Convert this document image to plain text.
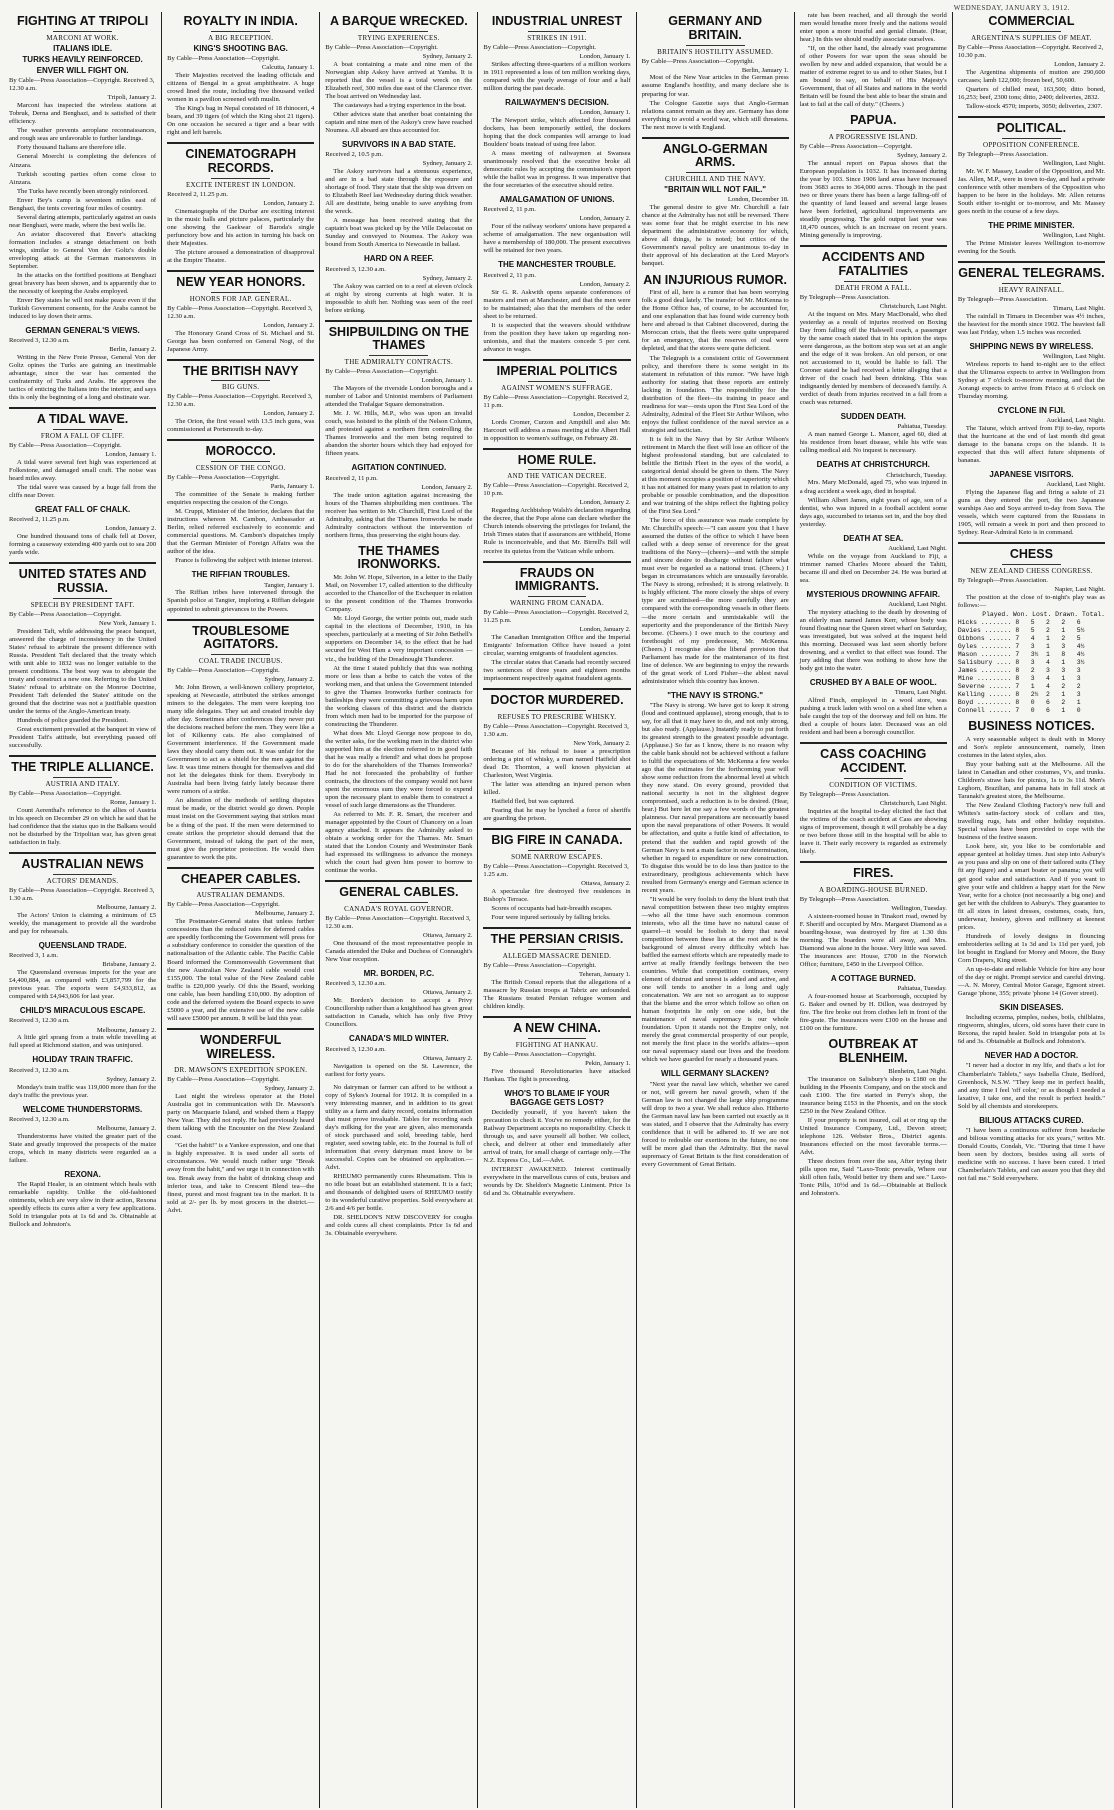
WEDNESDAY, JANUARY 3, 1912.
FIGHTING AT TRIPOLI
MARCONI AT WORK.
ITALIANS IDLE.
TURKS HEAVILY REINFORCED.
ENVER WILL FIGHT ON.
By Cable—Press Association—Copyright. Received 3, 12.30 a.m.
Tripoli, January 2.

Marconi has inspected the wireless stations at Tobruk, Derna and Benghazi, and is satisfied of their efficiency.

The weather prevents aeroplane reconnaissances, and rough seas are unfavorable to further landings.

Forty thousand Italians are therefore idle.

General Moerchi is completing the defences of Ainzara.

Turkish scouting parties often come close to Ainzara.

The Turks have recently been strongly reinforced.

Enver Bey's camp is seventeen miles east of Benghazi, the tents covering four miles of country.

Several daring attempts, particularly against an oasis near Benghazi, were made, where the best wells lie.

An aviator discovered that Enver's attacking formation includes a strange detachment on both wings, similar to General Von der Goltz's double enveloping attack at the German manoeuvres in September.

In the attacks on the fortified positions at Benghazi great bravery has been shown, and is apparently due to the necessity of keeping the Arabs employed.

Enver Bey states he will not make peace even if the Turkish Government consents, for the Arabs cannot be induced to lay down their arms.

GERMAN GENERAL'S VIEWS.
Received 3, 12.30 a.m.
Berlin, January 2.

Writing in the New Freie Presse, General Von der Goltz opines the Turks are gaining an inestimable advantage, since the war has cemented the confraternity of Turks and Arabs. He approves the tactics of enticing the Italians into the interior, and says this is only the beginning of a long and obstinate war.

A TIDAL WAVE.
FROM A FALL OF CLIFF.
By Cable—Press Association—Copyright.
London, January 1.

A tidal wave several feet high was experienced at Folkestone, and damaged small craft. The noise was heard miles away.

The tidal wave was caused by a huge fall from the cliffs near Dover.

GREAT FALL OF CHALK.
Received 2, 11.25 p.m.
London, January 2.

One hundred thousand tons of chalk fell at Dover, forming a causeway extending 400 yards out to sea 200 yards wide.

UNITED STATES AND RUSSIA.
SPEECH BY PRESIDENT TAFT.
By Cable—Press Association—Copyright.
New York, January 1.

President Taft, while addressing the peace banquet, answered the charge of inconsistency in the United States' refusal to arbitrate the present difference with Russia. President Taft declared that the treaty which with unit able to 1832 was no longer suitable to the present conditions. The best way was to abrogate the treaty and construct a new one. Referring to the United States' refusal to arbitrate on the Monroe Doctrine, President Taft defended the States' attitude on the ground that the doctrine was not a justifiable question under the terms of the Anglo-American treaty.

Hundreds of police guarded the President.

Great excitement prevailed at the banquet in view of President Taft's attitude, but everything passed off successfully.

THE TRIPLE ALLIANCE.
AUSTRIA AND ITALY.
By Cable—Press Association—Copyright.
Rome, January 1.

Count Aerenthal's reference to the allies of Austria in his speech on December 29 on which he said that he had confidence that the status quo in the Balkans would not be disturbed by the Tripolitan war, has given great satisfaction in Italy.

AUSTRALIAN NEWS
ACTORS' DEMANDS.
By Cable—Press Association—Copyright. Received 3, 1.30 a.m.
Melbourne, January 2.

The Actors' Union is claiming a minimum of £5 weekly, the management to provide all the wardrobe and pay for rehearsals.

QUEENSLAND TRADE.
Received 3, 1 a.m.
Brisbane, January 2.

The Queensland overseas imports for the year are £4,400,884, as compared with £3,857,799 for the previous year. The exports were £4,933,812, as compared with £4,943,606 for last year.

CHILD'S MIRACULOUS ESCAPE.
Received 3, 12.30 a.m.
Melbourne, January 2.

A little girl sprang from a train while travelling at full speed at Richmond station, and was uninjured.

HOLIDAY TRAIN TRAFFIC.
Received 3, 12.30 a.m.
Sydney, January 2.

Monday's train traffic was 119,000 more than for the day's traffic the previous year.

WELCOME THUNDERSTORMS.
Received 3, 12.30 a.m.
Melbourne, January 2.

Thunderstorms have visited the greater part of the State and greatly improved the prospects of the maize crops, which in many districts were regarded as a failure.

REXONA.

The Rapid Healer, is an ointment which heals with remarkable rapidity. Unlike the old-fashioned ointments, which are very slow in their action, Rexona speedily effects its cures after a very few applications. Sold in triangular pots at 1s 6d and 3s. Obtainable at Bullock and Johnston's.

ROYALTY IN INDIA.
A BIG RECEPTION.
KING'S SHOOTING BAG.
By Cable—Press Association—Copyright.
Calcutta, January 1.

Their Majesties received the leading officials and citizens of Bengal in a great amphitheatre. A huge crowd lined the route, including five thousand veiled women in a pavilion screened with muslin.

The King's bag in Nepal consisted of 18 rhinoceri, 4 bears, and 39 tigers (of which the King shot 21 tigers). On one occasion he secured a tiger and a bear with right and left barrels.

CINEMATOGRAPH RECORDS.
EXCITE INTEREST IN LONDON.
Received 2, 11.25 p.m.
London, January 2.

Cinematographs of the Durbar are exciting interest in the music halls and picture palaces, particularly the one showing the Gaekwar of Baroda's single perfunctory bow and his action in turning his back on their Majesties.

The picture aroused a demonstration of disapproval at the Empire Theatre.

NEW YEAR HONORS.
HONORS FOR JAP. GENERAL.
By Cable—Press Association—Copyright. Received 3, 12.30 a.m.
London, January 2.

The Honorary Grand Cross of St. Michael and St. George has been conferred on General Nogi, of the Japanese Army.

THE BRITISH NAVY
BIG GUNS.
By Cable—Press Association—Copyright. Received 3, 12.30 a.m.
London, January 2.

The Orion, the first vessel with 13.5 inch guns, was commissioned at Portsmouth to-day.

MOROCCO.
CESSION OF THE CONGO.
By Cable—Press Association—Copyright.
Paris, January 1.

The committee of the Senate is making further enquiries respecting the cession of the Congo.

M. Cruppi, Minister of the Interior, declares that the instructions whereon M. Cambon, Ambassador at Berlin, relied referred exclusively to economic and commercial questions. M. Cambon's dispatches imply that the German Minister of Foreign Affairs was the author of the idea.

France is following the subject with intense interest.

THE RIFFIAN TROUBLES.
Tangier, January 1.

The Riffian tribes have intervened through the Spanish police at Tangier, imploring a Riffian delegate appointed to submit grievances to the Powers.

TROUBLESOME AGITATORS.
COAL TRADE INCUBUS.
By Cable—Press Association—Copyright.
Sydney, January 2.

Mr. John Brown, a well-known colliery proprietor, speaking at Newcastle, attributed the strikes amongst miners to the delegates. The men were keeping too many idle delegates. They sat and created trouble day after day. Sometimes after conferences they never put the decisions reached before the men. They were like a lot of Kilkenny cats. He also complained of Government interference. If the Government made laws they should carry them out. It was unfair for the Government to act as a shield for the men against the law. It was time miners thought for themselves and did not let the delegates think for them. Everybody in Australia had been living fairly lately because there were rumors of a strike.

An alteration of the methods of settling disputes must be made, or the district would go down. People must insist on the Government saying that strikes must be a thing of the past. If the men were determined to create strikes the proprietor should demand that the Government, instead of taking the part of the men, must give the proprietor protection. He would then guarantee to work the pits.

CHEAPER CABLES.
AUSTRALIAN DEMANDS.
By Cable—Press Association—Copyright.
Melbourne, January 2.

The Postmaster-General states that unless further concessions than the reduced rates for deferred cables are speedily forthcoming the Government will press for a subsidiary conference to consider the question of the nationalisation of the Atlantic cable. The Pacific Cable Board informed the Commonwealth Government that the new Australian New Zealand cable would cost £155,000. The total value of the New Zealand cable traffic is £20,000 yearly. Of this the Board, working one cable, has been handling £10,000. By adoption of code and the deferred system the Board expects to save £5000 a year, and the extensive use of the new cable will save £5000 per annum. It will be laid this year.

WONDERFUL WIRELESS.
DR. MAWSON'S EXPEDITION SPOKEN.
By Cable—Press Association—Copyright.
Sydney, January 2.

Last night the wireless operator at the Hotel Australia got in communication with Dr. Mawson's party on Macquarie Island, and wished them a Happy New Year. They did not reply. He had previously heard them talking with the Encounter on the New Zealand coast.

"Get the habit!" is a Yankee expression, and one that is highly expressive. It is used under all sorts of circumstances. We would much rather urge "Break away from the habit," and we urge it in connection with tea. Break away from the habit of drinking cheap and inferior teas, and take to Crescent Blend tea—the finest, purest and most fragrant tea in the market. It is sold at 2/- per lb. by most grocers in the district.—Advt.

A BARQUE WRECKED.
TRYING EXPERIENCES.
By Cable—Press Association—Copyright.
Sydney, January 2.

A boat containing a mate and nine men of the Norwegian ship Askoy have arrived at Yamba. It is reported that the vessel is a total wreck on the Elizabeth reef, 300 miles due east of the Clarence river. The boat arrived on Wednesday last.

The castaways had a trying experience in the boat.

Other advices state that another boat containing the captain and nine men of the Askoy's crew have reached Noumea. All aboard are thus accounted for.

SURVIVORS IN A BAD STATE.
Received 2, 10.5 p.m.
Sydney, January 2.

The Askoy survivors had a strenuous experience, and are in a bad state through the exposure and shortage of food. They state that the ship was driven on to Elizabeth Reef last Wednesday during thick weather. All are destitute, being unable to save anything from the wreck.

A message has been received stating that the captain's boat was picked up by the Ville Delacostat on Sunday and conveyed to Noumea. The Askoy was bound from South America to Newcastle in ballast.

HARD ON A REEF.
Received 3, 12.30 a.m.
Sydney, January 2.

The Askoy was carried on to a reef at eleven o'clock at night by strong currents at high water. It is impossible to shift her. Nothing was seen of the reef before striking.

SHIPBUILDING ON THE THAMES
THE ADMIRALTY CONTRACTS.
By Cable—Press Association—Copyright.
London, January 1.

The Mayors of the riverside London boroughs and a number of Labor and Unionist members of Parliament attended the Trafalgar Square demonstration.

Mr. J. W. Hills, M.P., who was upon an invalid couch, was hoisted to the plinth of the Nelson Column, and protested against a northern firm controlling the Thames Ironworks and the men being required to abandon the shorter hours which they had enjoyed for fifteen years.

AGITATION CONTINUED.
Received 2, 11 p.m.
London, January 2.

The trade union agitation against increasing the hours of the Thames shipbuilding men continues. The receiver has written to Mr. Churchill, First Lord of the Admiralty, asking that the Thames Ironworks be made Admiralty contractors without the intervention of northern firms, thus preserving the eight hours day.

THE THAMES IRONWORKS.

Mr. John W. Hope, Silverton, in a letter to the Daily Mail, on November 17, called attention to the difficulty accorded to the Chancellor of the Exchequer in relation to the present condition of the Thames Ironworks Company.

Mr. Lloyd George, the writer points out, made such capital in the elections of December, 1910, in his speeches, particularly at a meeting of Sir John Bethell's supporters on December 14, to the effect that he had secured for West Ham a very important concession — viz., the building of the Dreadnought Thunderer.

At the time I stated publicly that this was nothing more or less than a bribe to catch the votes of the working men, and that unless the Government intended to give the Thames Ironworks further contracts for battleships they were committing a grievous harm upon the working classes of this district and the districts from which men had to be imported for the purpose of constructing the Thunderer.

What does Mr. Lloyd George now propose to do, the writer asks, for the working men in the district who supported him at the election referred to in good faith that he was really a friend? and what does he propose to do for the shareholders of the Thames Ironworks? Had he not forecasted the probability of further contracts, the directors of the company would not have spent the enormous sum they were forced to expend upon the necessary plant to enable them to construct a vessel of such large dimensions as the Thunderer.

As referred to Mr. F. R. Smart, the receiver and manager appointed by the Court of Chancery on a loan agency attached. It appears the Admiralty asked to obtain a working order for the Thames. Mr. Smart stated that the London County and Westminster Bank had expressed its willingness to advance the moneys which the court had given him power to borrow to continue the works.

GENERAL CABLES.
CANADA'S ROYAL GOVERNOR.
By Cable—Press Association—Copyright. Received 3, 12.30 a.m.
Ottawa, January 2.

One thousand of the most representative people in Canada attended the Duke and Duchess of Connaught's New Year reception.

MR. BORDEN, P.C.
Received 3, 12.30 a.m.
Ottawa, January 2.

Mr. Borden's decision to accept a Privy Councillorship rather than a knighthood has given great satisfaction in Canada, which has only five Privy Councillors.

CANADA'S MILD WINTER.
Received 3, 12.30 a.m.
Ottawa, January 2.

Navigation is opened on the St. Lawrence, the earliest for forty years.

No dairyman or farmer can afford to be without a copy of Sykes's Journal for 1912. It is compiled in a very interesting manner, and in addition to its great utility as a farm and dairy record, contains information that must prove invaluable. Tables for recording each day's milking for the year are given, also memoranda of stock purchased and sold, breeding table, herd register, seed sowing table, etc. In the Journal is full of information that every dairyman must know to be successful. Copies can be obtained on application.—Advt.

RHEUMO permanently cures Rheumatism. This is no idle boast but an established statement. It is a fact; and thousands of delighted users of RHEUMO testify to its wonderful curative properties. Sold everywhere at 2/6 and 4/6 per bottle.

DR. SHELDON'S NEW DISCOVERY for coughs and colds cures all chest complaints. Price 1s 6d and 3s. Obtainable everywhere.

INDUSTRIAL UNREST
STRIKES IN 1911.
By Cable—Press Association—Copyright.
London, January 1.

Strikes affecting three-quarters of a million workers in 1911 represented a loss of ten million working days, compared with the yearly average of four and a half million during the past decade.

RAILWAYMEN'S DECISION.
London, January 1.

The Newport strike, which affected four thousand dockers, has been temporarily settled, the dockers hoping that the dock companies will arrange to load Boulders' boats instead of using free labor.

A mass meeting of railwaymen at Swansea unanimously resolved that the executive broke all democratic rules by accepting the commission's report while the ballot was in progress. It was imperative that the four secretaries of the executive should retire.

AMALGAMATION OF UNIONS.
Received 2, 11 p.m.
London, January 2.

Four of the railway workers' unions have prepared a scheme of amalgamation. The new organisation will have a membership of 180,000. The present executives will be retained for two years.

THE MANCHESTER TROUBLE.
Received 2, 11 p.m.
London, January 2.

Sir G. R. Askwith opens separate conferences of masters and men at Manchester, and that the men were to be maintained; also that the members of the order sheet to be returned.

It is suspected that the weavers should withdraw from the position they have taken up regarding non-unionists, and that the masters concede 5 per cent. advance in wages.

IMPERIAL POLITICS
AGAINST WOMEN'S SUFFRAGE.
By Cable—Press Association—Copyright. Received 2, 11 p.m.
London, December 2.

Lords Cromer, Curzon and Ampthill and also Mr. Harcourt will address a mass meeting at the Albert Hall in opposition to women's suffrage, on February 28.

HOME RULE.
AND THE VATICAN DECREE.
By Cable—Press Association—Copyright. Received 2, 10 p.m.
London, January 2.

Regarding Archbishop Walsh's declaration regarding the decree, that the Pope alone can declare whether the Church intends observing the privileges for Ireland, the Irish Times states that if assurances are withheld, Home Rule is inconceivable, and that Mr. Birrell's Bill will receive its quietus from the Vatican while unborn.

FRAUDS ON IMMIGRANTS.
WARNING FROM CANADA.
By Cable—Press Association—Copyright. Received 2, 11.25 p.m.
London, January 2.

The Canadian Immigration Office and the Imperial Emigrants' Information Office have issued a joint circular, warning emigrants of fraudulent agencies.

The circular states that Canada had recently secured two sentences of three years and eighteen months imprisonment respectively against fraudulent agents.

DOCTOR MURDERED.
REFUSES TO PRESCRIBE WHISKY.
By Cable—Press Association—Copyright. Received 3, 1.30 a.m.
New York, January 2.

Because of his refusal to issue a prescription ordering a pint of whisky, a man named Hatfield shot dead Dr. Thornton, a well known physician at Charleston, West Virginia.

The latter was attending an injured person when killed.

Hatfield fled, but was captured.

Fearing that he may be lynched a force of sheriffs are guarding the prison.

BIG FIRE IN CANADA.
SOME NARROW ESCAPES.
By Cable—Press Association—Copyright. Received 3, 1.25 a.m.
Ottawa, January 2.

A spectacular fire destroyed five residences in Bishop's Terrace.

Scores of occupants had hair-breadth escapes.

Four were injured seriously by falling bricks.

THE PERSIAN CRISIS.
ALLEGED MASSACRE DENIED.
By Cable—Press Association—Copyright.
Teheran, January 1.

The British Consul reports that the allegations of a massacre by Russian troops at Tabriz are unfounded. The Russians treated Persian refugee women and children kindly.

A NEW CHINA.
FIGHTING AT HANKAU.
By Cable—Press Association—Copyright.
Pekin, January 1.

Five thousand Revolutionaries have attacked Hankau. The fight is proceeding.

WHO'S TO BLAME IF YOUR BAGGAGE GETS LOST?

Decidedly yourself, if you haven't taken the precaution to check it. You've no remedy either, for the Railway Department accepts no responsibility. Check it through us, and save yourself all bother. We collect, check, and deliver at other end immediately after arrival of train, for small charge of carriage only.—The N.Z. Express Co., Ltd.—Advt.

INTEREST AWAKENED. Interest continually everywhere in the marvellous cures of cuts, bruises and wounds by Dr. Sheldon's Magnetic Liniment. Price 1s 6d and 3s. Obtainable everywhere.

GERMANY AND BRITAIN.
BRITAIN'S HOSTILITY ASSUMED.
By Cable—Press Association—Copyright.
Berlin, January 1.

Most of the New Year articles in the German press assume England's hostility, and many declare she is preparing for war.

The Cologne Gazette says that Anglo-German relations cannot remain as they are. Germany has done everything to avoid a world war, which still threatens. The next move is with England.

ANGLO-GERMAN ARMS.
CHURCHILL AND THE NAVY.
"BRITAIN WILL NOT FAIL."
London, December 18.

The general desire to give Mr. Churchill a fair chance at the Admiralty has not still be reversed. There was some fear that he might exercise in his new department the administrative economy for which, above all things, he is noted; but critics of the Government's naval policy are unanimous to-day in their approval of his declaration at the Lord Mayor's banquet.

AN INJURIOUS RUMOR.

First of all, here is a rumor that has been worrying folk a good deal lately. The transfer of Mr. McKenna to the Home Office has, of course, to be accounted for, and one explanation that has found wide currency both here and abroad is that Cabinet discovered, during the Moroccan crisis, that the fleets were quite unprepared for an emergency, that the reserves of coal were depleted, and that the stores were quite deficient.

The Telegraph is a consistent critic of Government policy, and therefore there is some weight in its statement in refutation of this rumor. "We have high authority for stating that these reports are entirely lacking in foundation. The responsibility for the distribution of the fleet—its training in peace and readiness for war—rests upon the First Sea Lord of the Admiralty, Admiral of the Fleet Sir Arthur Wilson, who enjoys the fullest confidence of the naval service as a strategist and tactician.

It is felt in the Navy that by Sir Arthur Wilson's retirement in March the fleet will lose an officer of the highest professional standing, but are calculated to belittle the British Fleet in the eyes of the world, a categorical denial should be given to them. The Navy at this moment occupies a position of superiority which it has not attained for many years past in relation to any probable or possible combination, and the disposition and war training of the ships reflect the fighting policy of the First Sea Lord."

The force of this assurance was made complete by Mr. Churchill's speech:—"I can assure you that I have assumed the duties of the office to which I have been called with a deep sense of reverence for the great traditions of the Navy—(cheers)—and with the simple and sincere desire to discharge without failure what must ever be regarded as a national trust. (Cheers.) I began in circumstances which are unusually favorable. The Navy is strong, refreshed; it is strong relatively. It is highly efficient. The more closely the ships of every type are scrutinised—the more carefully they are compared with the corresponding vessels in other fleets—the more certain and unmistakable will the superiority and the preponderance of the British Navy become. (Cheers.) I owe much to the courtesy and forethought of my predecessor, Mr. McKenna. (Cheers.) I recognise also the liberal provision that Parliament has made for the maintenance of its first line of defence. We are beginning to enjoy the rewards of the great work of Lord Fisher—the ablest naval administrator which this country has known.

"THE NAVY IS STRONG."

"The Navy is strong. We have got to keep it strong (loud and continued applause), strong enough, that is to say, for all that it may have to do, and not only strong, but also ready. (Applause.) Instantly ready to put forth its greatest strength to the greatest possible advantage. (Applause.) So far as I know, there is no reason why the cable bank should not be achieved without a failure to fulfil the expectations of Mr. McKenna a few weeks ago that the estimates for the forthcoming year will show some reduction from the abnormal level at which they now stand. On every ground, provided that national security is not in the slightest degree compromised, such a reduction is to be desired. (Hear, hear.) But here let me say a few words of the greatest plainness. Our naval preparations are necessarily based upon the naval preparations of other Powers. It would be affectation, and quite a futile kind of affectation, to pretend that the sudden and rapid growth of the German Navy is not a main factor in our determination, whether in regard to expenditure or new construction. To disguise this would be to do less than justice to the extraordinary, prodigious achievements which have resulted from Germany's energy and German science in recent years.

"It would be very foolish to deny the blunt truth that naval competition between these two mighty empires—who all the time have such enormous common interests, who all the time have no natural cause of quarrel—it would be foolish to deny that naval competition between these lies at the root and is the background of almost every difficulty which has baffled the earnest efforts which are repeatedly made to arrive at really friendly feelings between the two countries. While that competition continues, every element of distrust and unrest is added and active, and one will tends to another in a long and ugly concatenation. We are not so arrogant as to suppose that the blame and the error which follow so often on human footprints lie only on one side, but the maintenance of naval supremacy is our whole foundation. Upon it stands not the Empire only, not merely the great commercial prosperity of our people, not merely the first place in the world's affairs—upon our naval supremacy stand our lives and the freedom which we have guarded for nearly a thousand years.

WILL GERMANY SLACKEN?

"Next year the naval law which, whether we cared or not, will govern her naval growth, when if the German law is not changed the large ship programme will drop to two a year. We shall reduce also. Hitherto the German naval law has been carried out exactly as it was stated, and I observe that the Admiralty has every confidence that it will be adhered to. If we are not forced to redouble our exertions in the future, no one will be more glad than the Admiralty. But the naval supremacy of Great Britain is the first consideration of every Government of Great Britain.

rate has been reached, and all through the world men would breathe more freely and the nations would enter upon a more trustful and genial climate. (Hear, hear.) In this we should readily associate ourselves.

"If, on the other hand, the already vast programme of other Powers for war upon the seas should be swollen by new and added expansion, that would be a matter of extreme regret to us and to other States, but I am bound to say, on behalf of His Majesty's Government, that of all States and nations in the world Britain will be found the best able to bear the strain and last to fail at the call of duty." (Cheers.)

PAPUA.
A PROGRESSIVE ISLAND.
By Cable—Press Association—Copyright.
Sydney, January 2.

The annual report on Papua shows that the European population is 1032. It has increased during the year by 103. Since 1906 land areas have increased from 3683 acres to 364,000 acres. Though in the past two or three years there has been a large falling-off of the quantity of land leased and several large leases have been forfeited, agricultural improvements are steadily progressing. The gold output last year was 18,470 ounces, which is an increase on recent years. Mining generally is improving.

ACCIDENTS AND FATALITIES
DEATH FROM A FALL.
By Telegraph—Press Association.
Christchurch, Last Night.

At the inquest on Mrs. Mary MacDonald, who died yesterday as a result of injuries received on Boxing Day from falling off the Halswell coach, a passenger by the same coach stated that in his opinion the steps were dangerous, as the bottom step was set at an angle and the edge of it was broken. An old person, or one not accustomed to it, would be liable to fall. The Coroner stated he had received a letter alleging that a driver of the coach had been drinking. This was indignantly denied by members of deceased's family. A verdict of death from injuries received in a fall from a coach was returned.

SUDDEN DEATH.
Pahiatua, Tuesday.

A man named George L. Mancer, aged 60, died at his residence from heart disease, while his wife was calling medical aid. No inquest is necessary.

DEATHS AT CHRISTCHURCH.
Christchurch, Tuesday.

Mrs. Mary McDonald, aged 75, who was injured in a drag accident a week ago, died in hospital.

William Albert James, eight years of age, son of a dentist, who was injured in a football accident some days ago, succumbed to tetanus set in, and the boy died yesterday.

DEATH AT SEA.
Auckland, Last Night.

While on the voyage from Auckland to Fiji, a trimmer named Charles Moore aboard the Tahiti, became ill and died on December 24. He was buried at sea.

MYSTERIOUS DROWNING AFFAIR.
Auckland, Last Night.

The mystery attaching to the death by drowning of an elderly man named James Kerr, whose body was found floating near the Queen street wharf on Saturday, was investigated, but was solved at the inquest held this morning. Deceased was last seen shortly before drowning, and a verdict to that effect was found. The jury adding that there was nothing to show how the body got into the water.

CRUSHED BY A BALE OF WOOL.
Timaru, Last Night.

Alfred Finch, employed in a wool store, was pushing a truck laden with wool on a shed line when a bale caught the top of the doorway and fell on him. He died a couple of hours later. Deceased was an old resident and had been a borough councillor.

CASS COACHING ACCIDENT.
CONDITION OF VICTIMS.
By Telegraph—Press Association.
Christchurch, Last Night.

Inquiries at the hospital to-day elicited the fact that the victims of the coach accident at Cass are showing signs of improvement, though it will probably be a day or two before those still in the hospital will be able to leave it. Their early recovery is regarded as extremely likely.

FIRES.
A BOARDING-HOUSE BURNED.
By Telegraph—Press Association.
Wellington, Tuesday.

A sixteen-roomed house in Tinakori road, owned by F. Sheriff and occupied by Mrs. Margaret Diamond as a boarding-house, was destroyed by fire at 1.30 this morning. The boarders were all away, and Mrs. Diamond was alone in the house. Very little was saved. The insurances are: House, £700 in the Norwich Office; furniture, £450 in the Liverpool Office.

A COTTAGE BURNED.
Pahiatua, Tuesday.

A four-roomed house at Scarborough, occupied by G. Baker and owned by H. Dillon, was destroyed by fire. The fire broke out from clothes left in front of the fire-grate. The insurances were £100 on the house and £100 on the furniture.

OUTBREAK AT BLENHEIM.
Blenheim, Last Night.

The insurance on Salisbury's shop is £180 on the building in the Phoenix Company, and on the stock and cash £100. The fire started in Perry's shop, the insurance being £153 in the Phoenix, and on the stock £250 in the New Zealand Office.

If your property is not insured, call at or ring up the United Insurance Company, Ltd., Devon street; telephone 126. Webster Bros., District agents. Insurances effected on the most favorable terms.—Advt.

Three doctors from over the sea, After trying their pills upon me, Said "Laxo-Tonic prevails, Where our skill often fails, Would better try them and see." Laxo-Tonic Pills, 10½d and 1s 6d.—Obtainable at Bullock and Johnston's.

COMMERCIAL
ARGENTINA'S SUPPLIES OF MEAT.
By Cable—Press Association—Copyright. Received 2, 10.30 p.m.
London, January 2.

The Argentina shipments of mutton are 290,600 carcases; lamb 122,000; frozen beef, 50,600.

Quarters of chilled meat, 163,500; ditto boned, 16,253; beef, 2300 tons; ditto, 2400; deliveries, 2832.

Tallow-stock 4570; imports, 3050; deliveries, 2307.

POLITICAL.
OPPOSITION CONFERENCE.
By Telegraph—Press Association.
Wellington, Last Night.

Mr. W. F. Massey, Leader of the Opposition, and Mr. Jas. Allen, M.P., were in town to-day, and had a private conference with other members of the Opposition who happen to be here in the holidays. Mr. Allen returns South either to-night or to-morrow, and Mr. Massey goes north in the course of a few days.

THE PRIME MINISTER.
Wellington, Last Night.

The Prime Minister leaves Wellington to-morrow evening for the South.

GENERAL TELEGRAMS.
HEAVY RAINFALL.
By Telegraph—Press Association.
Timaru, Last Night.

The rainfall in Timaru in December was 4½ inches, the heaviest for the month since 1902. The heaviest fall was last Friday, when 1.5 inches was recorded.

SHIPPING NEWS BY WIRELESS.
Wellington, Last Night.

Wireless reports to hand to-night are to the effect that the Ulimaroa expects to arrive in Wellington from Sydney at 7 o'clock to-morrow morning, and that the Aorangi expects to arrive from Frisco at 6 o'clock on Thursday morning.

CYCLONE IN FIJI.
Auckland, Last Night.

The Taiune, which arrived from Fiji to-day, reports that the hurricane at the end of last month did great damage to the banana crops on the islands. It is expected that this will affect future shipments of bananas.

JAPANESE VISITORS.
Auckland, Last Night.

Flying the Japanese flag and firing a salute of 21 guns as they entered the port, the two Japanese warships Aso and Soya arrived to-day from Suva. The vessels, which were captured from the Russians in 1905, will remain a week in port and then proceed to Sydney. Rear-Admiral Keto is in command.

CHESS
NEW ZEALAND CHESS CONGRESS.
By Telegraph—Press Association.
Napier, Last Night.

The position at the close of to-night's play was as follows:—

Played. Won. Lost. Drawn. Total.
Hicks ........ 8   5   2   2   6
Davies ....... 8   5   2   1   5½
Gibbons ...... 7   4   1   2   5
Gyles ........ 7   3   1   3   4½
Mason ........ 7   3½  1   8   4½
Salisbury .... 8   3   4   1   3½
James ........ 8   2   3   3   3
Mine ......... 8   3   4   1   3
Severne ...... 7   1   4   2   2
Kelling ...... 8   2½  2   1   3
Boyd ......... 8   0   6   2   1
Connell ...... 7   0   6   1   0
BUSINESS NOTICES.

A very seasonable subject is dealt with in Morey and Son's replete announcement, namely, linen costumes in the latest styles, also.

Buy your bathing suit at the Melbourne. All the latest in Canadian and other costumes, V's, and trunks. Children's straw hats for picnics, 1s to 3s 11d. Men's Leghorn, Brazilian, and panama hats in full stock at Taranaki's greatest store, the Melbourne.

The New Zealand Clothing Factory's new full and Whites's satin-factory stock of collars and ties, travelling rugs, hats and other holiday requisites. Special values have been provided to cope with the business of the festive season.

Look here, sir, you like to be comfortable and appear genteel at holiday times. Just step into Asbury's as you pass and slip on one of their tailored suits (They fit any figure) and a smart boater or panama; you will get good value and satisfaction. And if you want to give your wife and children a happy start for the New Year, write for a choice (not necessarily a big one) and get her with the children to Asbury's. They guarantee to fit all sizes in latest dresses, costumes, coats, furs, underwear, hosiery, gloves and millinery at keenest prices.

Hundreds of lovely designs in flouncing embroideries selling at 1s 3d and 1s 11d per yard, job lot bought in England for Morey and Moore, the Busy Corn Drapers, King street.

An up-to-date and reliable Vehicle for hire any hour of the day or night. Prompt service and careful driving.—A. N. Morey, Central Motor Garage, Egmont street. Garage 'phone, 355; private 'phone 14 (Gover street).

SKIN DISEASES.

Including eczema, pimples, rashes, boils, chilblains, ringworm, shingles, ulcers, old sores have their cure in Rexona, the rapid healer. Sold in triangular pots at 1s 6d and 3s. Obtainable at Bullock and Johnston's.

NEVER HAD A DOCTOR.

"I never had a doctor in my life, and that's a lot for Chamberlain's Tablets," says Isabella Chute, Bedford, Greenhock, N.S.W. "They keep me in perfect health, and any time I feel 'off color,' or as though I needed a laxative, I take one, and the result is perfect health." Sold by all chemists and storekeepers.

BILIOUS ATTACKS CURED.

"I have been a continuous sufferer from headache and bilious vomiting attacks for six years," writes Mr. Donald Coutts, Condah, Vic. "During that time I have been seen by doctors, besides using all sorts of medicine with no success. I have been cured. I tried Chamberlain's Tablets, and can assure you that they did not fail me." Sold everywhere.
